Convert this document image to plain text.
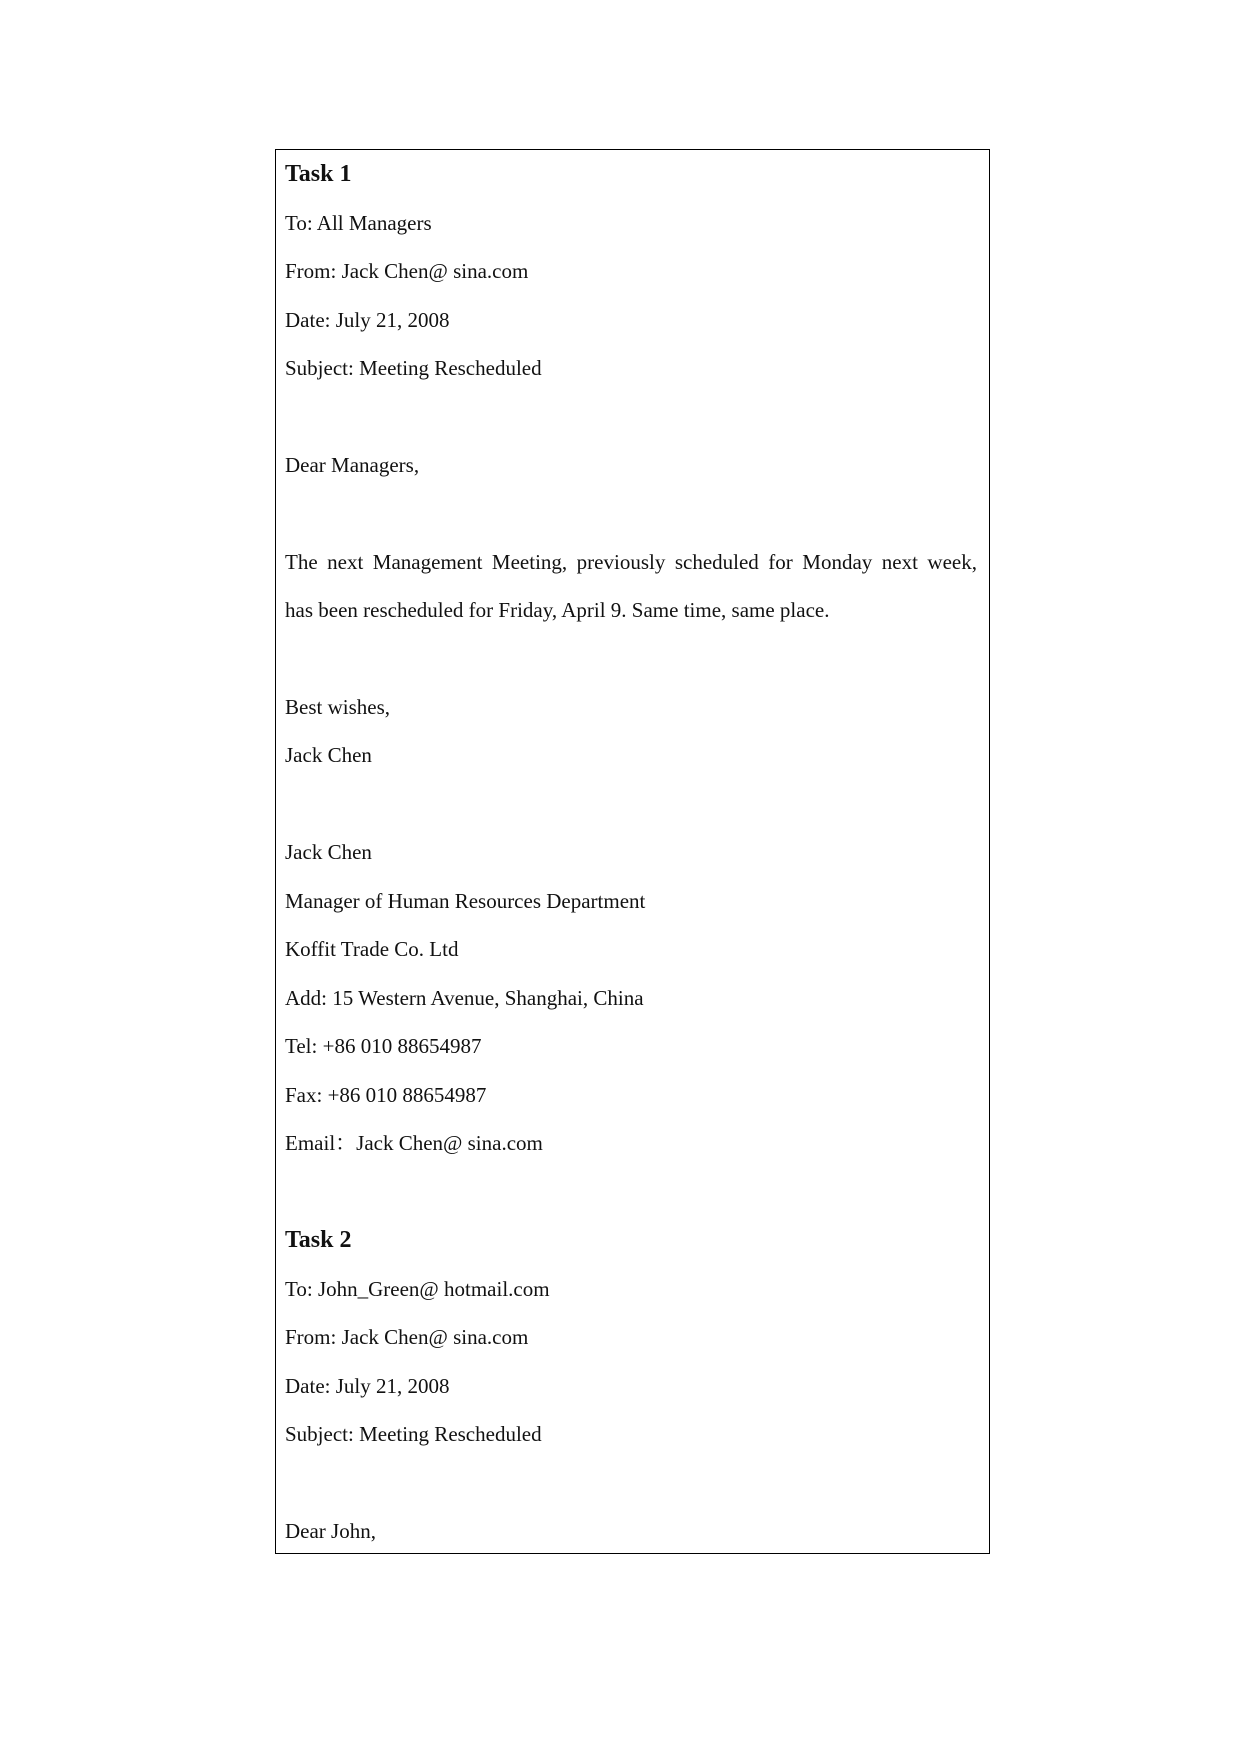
Task 1
To: All Managers
From: Jack Chen@ sina.com
Date: July 21, 2008
Subject: Meeting Rescheduled
Dear Managers,
The next Management Meeting, previously scheduled for Monday next week,
has been rescheduled for Friday, April 9. Same time, same place.
Best wishes,
Jack Chen
Jack Chen
Manager of Human Resources Department
Koffit Trade Co. Ltd
Add: 15 Western Avenue, Shanghai, China
Tel: +86 010 88654987
Fax: +86 010 88654987
Email：Jack Chen@ sina.com
Task 2
To: John_Green@ hotmail.com
From: Jack Chen@ sina.com
Date: July 21, 2008
Subject: Meeting Rescheduled
Dear John,
